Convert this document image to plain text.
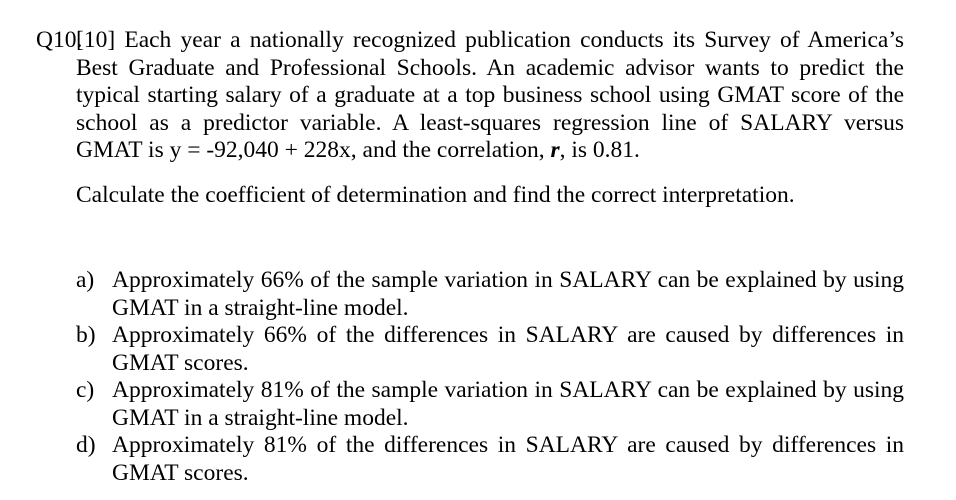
Q10.
[10] Each year a nationally recognized publication conducts its Survey of America’s Best Graduate and Professional Schools. An academic advisor wants to predict the typical starting salary of a graduate at a top business school using GMAT score of the school as a predictor variable. A least-squares regression line of SALARY versus GMAT is y = -92,040 + 228x, and the correlation, r, is 0.81.
Calculate the coefficient of determination and find the correct interpretation.
a) Approximately 66% of the sample variation in SALARY can be explained by using GMAT in a straight-line model.
b) Approximately 66% of the differences in SALARY are caused by differences in GMAT scores.
c) Approximately 81% of the sample variation in SALARY can be explained by using GMAT in a straight-line model.
d) Approximately 81% of the differences in SALARY are caused by differences in GMAT scores.
